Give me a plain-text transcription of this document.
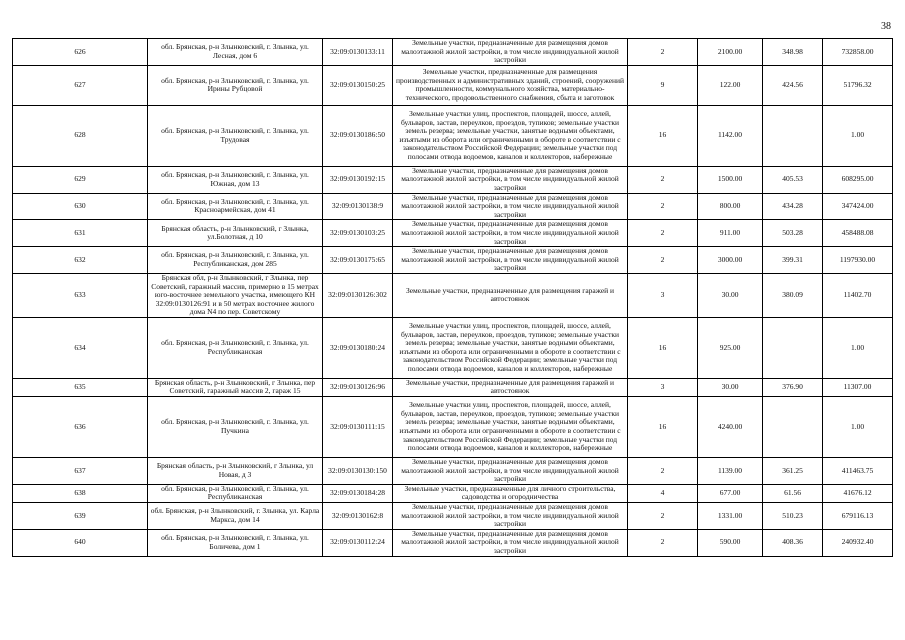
38
626	обл. Брянская, р-н Злынковский, г. Злынка, ул. Лесная, дом 6	32:09:0130133:11	Земельные участки, предназначенные для размещения домов малоэтажной жилой застройки, в том числе индивидуальной жилой застройки	2	2100.00	348.98	732858.00
627	обл. Брянская, р-н Злынковский, г. Злынка, ул. Ирины Рубцовой	32:09:0130150:25	Земельные участки, предназначенные для размещения производственных и административных зданий, строений, сооружений промышленности, коммунального хозяйства, материально-технического, продовольственного снабжения, сбыта и заготовок	9	122.00	424.56	51796.32
628	обл. Брянская, р-н Злынковский, г. Злынка, ул. Трудовая	32:09:0130186:50	Земельные участки улиц, проспектов, площадей, шоссе, аллей, бульваров, застав, переулков, проездов, тупиков; земельные участки земель резерва; земельные участки, занятые водными объектами, изъятыми из оборота или ограниченными в обороте в соответствии с законодательством Российской Федерации; земельные участки под полосами отвода водоемов, каналов и коллекторов, набережные	16	1142.00		1.00
629	обл. Брянская, р-н Злынковский, г. Злынка, ул. Южная, дом 13	32:09:0130192:15	Земельные участки, предназначенные для размещения домов малоэтажной жилой застройки, в том числе индивидуальной жилой застройки	2	1500.00	405.53	608295.00
630	обл. Брянская, р-н Злынковский, г. Злынка, ул. Красноармейская, дом 41	32:09:0130138:9	Земельные участки, предназначенные для размещения домов малоэтажной жилой застройки, в том числе индивидуальной жилой застройки	2	800.00	434.28	347424.00
631	Брянская область, р-н Злынковский, г Злынка, ул.Болотная, д 10	32:09:0130103:25	Земельные участки, предназначенные для размещения домов малоэтажной жилой застройки, в том числе индивидуальной жилой застройки	2	911.00	503.28	458488.08
632	обл. Брянская, р-н Злынковский, г. Злынка, ул. Республиканская, дом 285	32:09:0130175:65	Земельные участки, предназначенные для размещения домов малоэтажной жилой застройки, в том числе индивидуальной жилой застройки	2	3000.00	399.31	1197930.00
633	Брянская обл, р-н Злынковский, г Злынка, пер Советский, гаражный массив, примерно в 15 метрах юго-восточнее земельного участка, имеющего КН 32:09:0130126:91 и в 50 метрах восточнее жилого дома N4 по пер. Советскому	32:09:0130126:302	Земельные участки, предназначенные для размещения гаражей и автостоянок	3	30.00	380.09	11402.70
634	обл. Брянская, р-н Злынковский, г. Злынка, ул. Республиканская	32:09:0130180:24	Земельные участки улиц, проспектов, площадей, шоссе, аллей, бульваров, застав, переулков, проездов, тупиков; земельные участки земель резерва; земельные участки, занятые водными объектами, изъятыми из оборота или ограниченными в обороте в соответствии с законодательством Российской Федерации; земельные участки под полосами отвода водоемов, каналов и коллекторов, набережные	16	925.00		1.00
635	Брянская область, р-н Злынковский, г Злынка, пер Советский, гаражный массив 2, гараж 15	32:09:0130126:96	Земельные участки, предназначенные для размещения гаражей и автостоянок	3	30.00	376.90	11307.00
636	обл. Брянская, р-н Злынковский, г. Злынка, ул. Пучкина	32:09:0130111:15	Земельные участки улиц, проспектов, площадей, шоссе, аллей, бульваров, застав, переулков, проездов, тупиков; земельные участки земель резерва; земельные участки, занятые водными объектами, изъятыми из оборота или ограниченными в обороте в соответствии с законодательством Российской Федерации; земельные участки под полосами отвода водоемов, каналов и коллекторов, набережные	16	4240.00		1.00
637	Брянская область, р-н Злынковский, г Злынка, ул Новая, д 3	32:09:0130130:150	Земельные участки, предназначенные для размещения домов малоэтажной жилой застройки, в том числе индивидуальной жилой застройки	2	1139.00	361.25	411463.75
638	обл. Брянская, р-н Злынковский, г. Злынка, ул. Республиканская	32:09:0130184:28	Земельные участки, предназначенные для личного строительства, садоводства и огородничества	4	677.00	61.56	41676.12
639	обл. Брянская, р-н Злынковский, г. Злынка, ул. Карла Маркса, дом 14	32:09:0130162:8	Земельные участки, предназначенные для размещения домов малоэтажной жилой застройки, в том числе индивидуальной жилой застройки	2	1331.00	510.23	679116.13
640	обл. Брянская, р-н Злынковский, г. Злынка, ул. Боличева, дом 1	32:09:0130112:24	Земельные участки, предназначенные для размещения домов малоэтажной жилой застройки, в том числе индивидуальной жилой застройки	2	590.00	408.36	240932.40
